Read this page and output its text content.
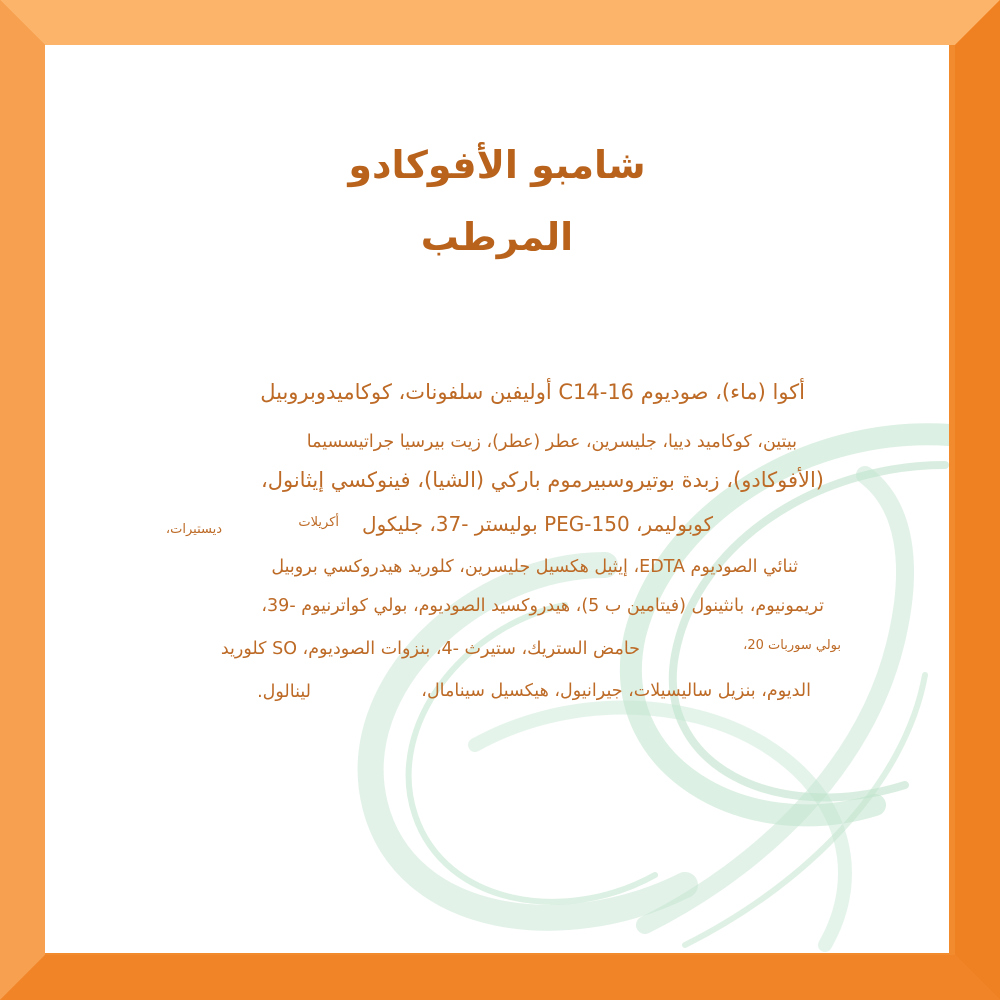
شامبو الأفوكادو
المرطب

أكوا (ماء)، صوديوم C14-16 أوليفين سلفونات، كوكاميدوبروبيل

بيتين، كوكاميد دييا، جليسرين، عطر (عطر)، زيت بيرسيا جراتيسسيما

(الأفوكادو)، زبدة بوتيروسبيرموم باركي (الشيا)، فينوكسي إيثانول،

أكريلات كوبوليمر، PEG-150 بوليستر -37، جليكول

ديستيرات،

ثنائي الصوديوم EDTA، إيثيل هكسيل جليسرين، كلوريد هيدروكسي بروبيل

تريمونيوم، بانثينول (فيتامين ب 5)، هيدروكسيد الصوديوم، بولي كواترنيوم -39،

بولي سوربات 20،

حامض الستريك، ستيرث -4، بنزوات الصوديوم، SO كلوريد

الديوم، بنزيل ساليسيلات، جيرانيول، هيكسيل سينامال،

لينالول.
